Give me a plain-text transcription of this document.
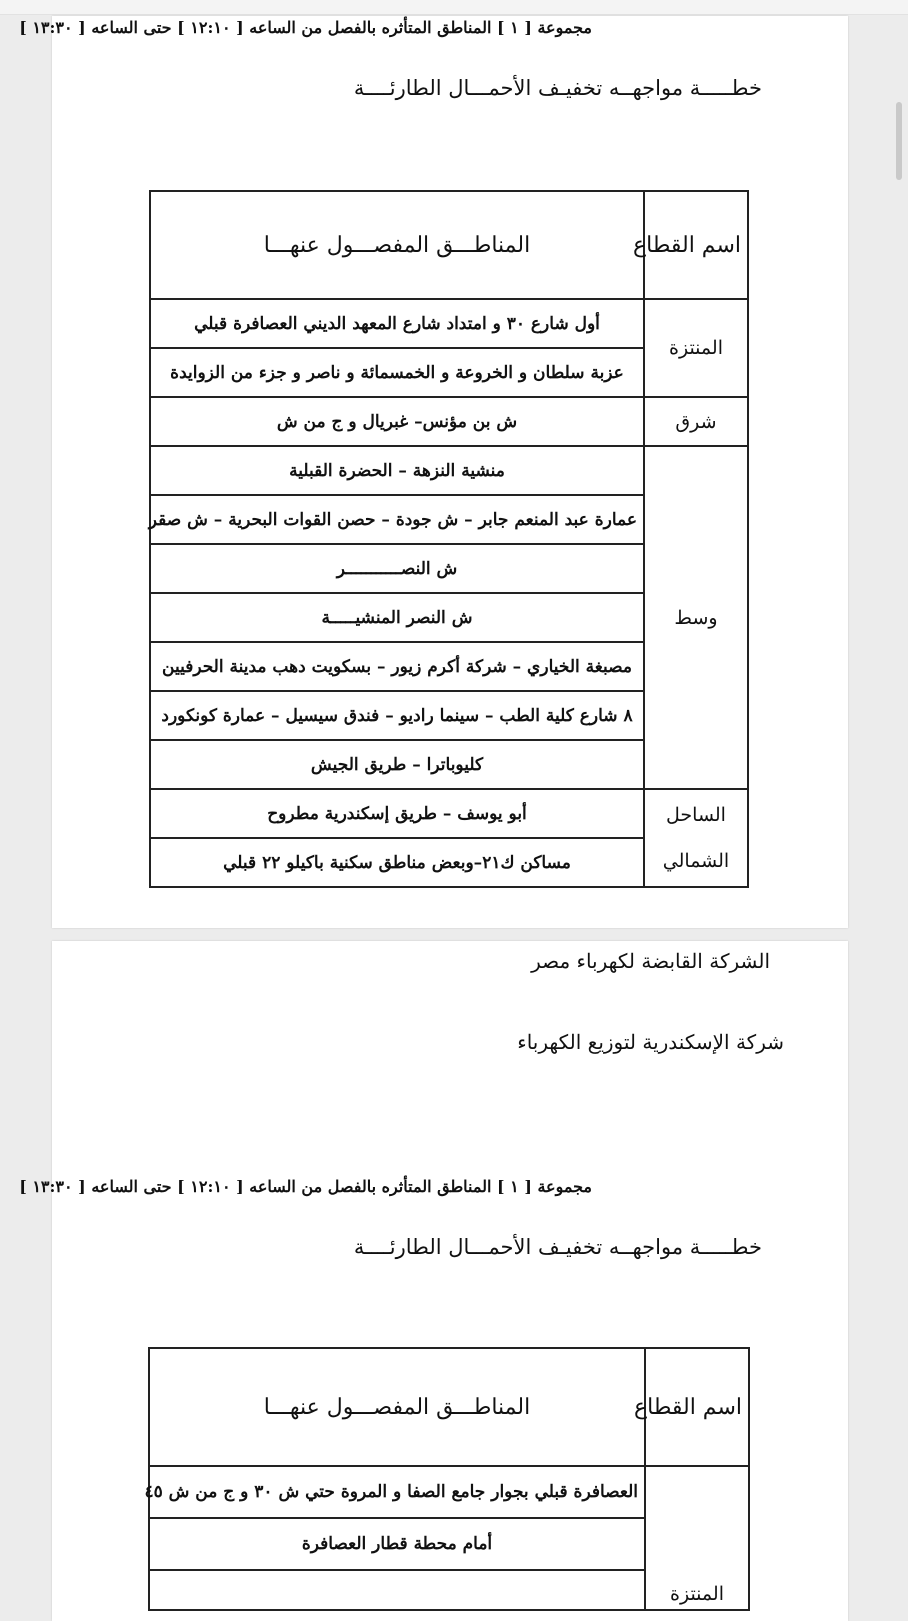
مجموعة [ ١ ] المناطق المتأثره بالفصل من الساعه [ ١٢:١٠ ] حتى الساعه [ ١٣:٣٠ ]
خطـــــة مواجهــه تخفيـف الأحمـــال الطارئــــة
اسم القطاع	المناطـــق المفصـــول عنهـــا
المنتزة	أول شارع ٣٠ و امتداد شارع المعهد الديني العصافرة قبلي
	عزبة سلطان و الخروعة و الخمسمائة و ناصر و جزء من الزوايدة
شرق	ش بن مؤنس– غبريال و ج من ش
وسط	منشية النزهة – الحضرة القبلية
	عمارة عبد المنعم جابر – ش جودة – حصن القوات البحرية – ش صقر
	ش النصـــــــــــر
	ش النصر المنشيـــــة
	مصبغة الخياري – شركة أكرم زيور – بسكويت دهب مدينة الحرفيين
	٨ شارع كلية الطب – سينما راديو – فندق سيسيل – عمارة كونكورد
	كليوباترا – طريق الجيش
الساحل الشمالي	أبو يوسف – طريق إسكندرية مطروح
	مساكن ك٢١–وبعض مناطق سكنية باكيلو ٢٢ قبلي
الشركة القابضة لكهرباء مصر
شركة الإسكندرية لتوزيع الكهرباء
مجموعة [ ١ ] المناطق المتأثره بالفصل من الساعه [ ١٢:١٠ ] حتى الساعه [ ١٣:٣٠ ]
خطـــــة مواجهــه تخفيـف الأحمـــال الطارئــــة
اسم القطاع	المناطـــق المفصـــول عنهـــا
المنتزة	العصافرة قبلي بجوار جامع الصفا و المروة حتي ش ٣٠ و ج من ش ٤٥
	أمام محطة قطار العصافرة
